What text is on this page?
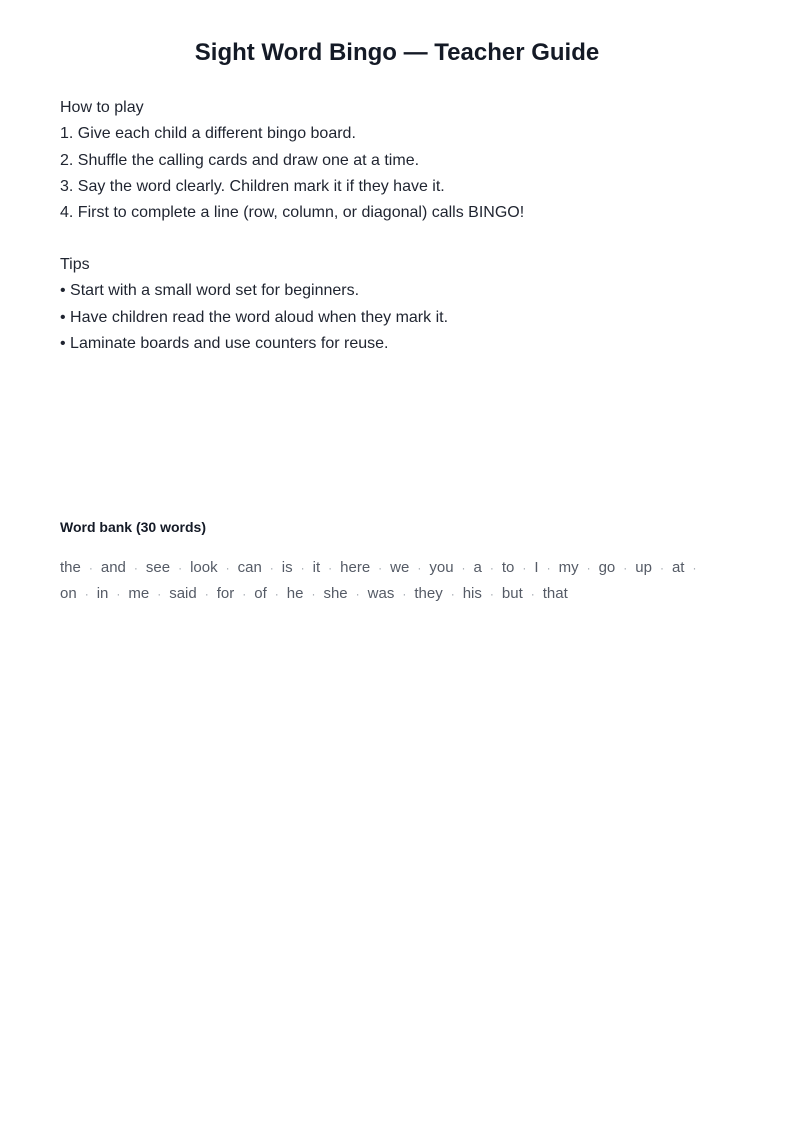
Sight Word Bingo — Teacher Guide
How to play
1. Give each child a different bingo board.
2. Shuffle the calling cards and draw one at a time.
3. Say the word clearly. Children mark it if they have it.
4. First to complete a line (row, column, or diagonal) calls BINGO!
Tips
• Start with a small word set for beginners.
• Have children read the word aloud when they mark it.
• Laminate boards and use counters for reuse.
Word bank (30 words)
the · and · see · look · can · is · it · here · we · you · a · to · I · my · go · up · at ·
on · in · me · said · for · of · he · she · was · they · his · but · that
